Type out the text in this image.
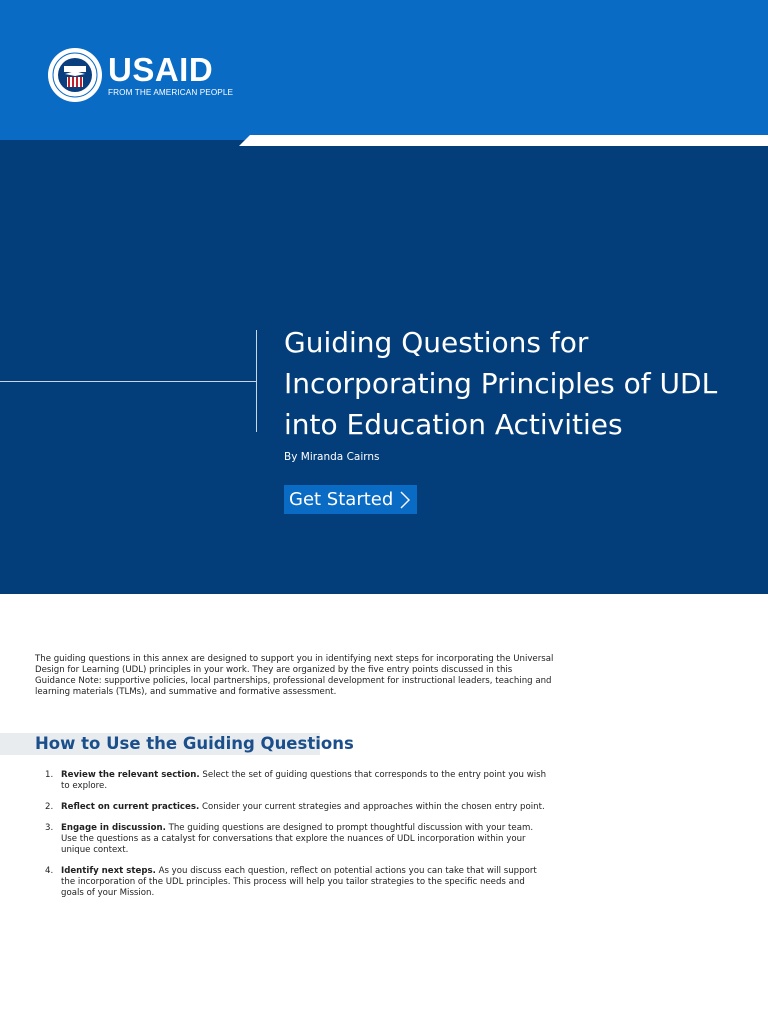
USAID
FROM THE AMERICAN PEOPLE
Guiding Questions for Incorporating Principles of UDL into Education Activities
By Miranda Cairns
Get Started

The guiding questions in this annex are designed to support you in identifying next steps for incorporating the Universal Design for Learning (UDL) principles in your work. They are organized by the five entry points discussed in this Guidance Note: supportive policies, local partnerships, professional development for instructional leaders, teaching and learning materials (TLMs), and summative and formative assessment.

How to Use the Guiding Questions
1. Review the relevant section. Select the set of guiding questions that corresponds to the entry point you wish to explore.
2. Reflect on current practices. Consider your current strategies and approaches within the chosen entry point.
3. Engage in discussion. The guiding questions are designed to prompt thoughtful discussion with your team. Use the questions as a catalyst for conversations that explore the nuances of UDL incorporation within your unique context.
4. Identify next steps. As you discuss each question, reflect on potential actions you can take that will support the incorporation of the UDL principles. This process will help you tailor strategies to the specific needs and goals of your Mission.
